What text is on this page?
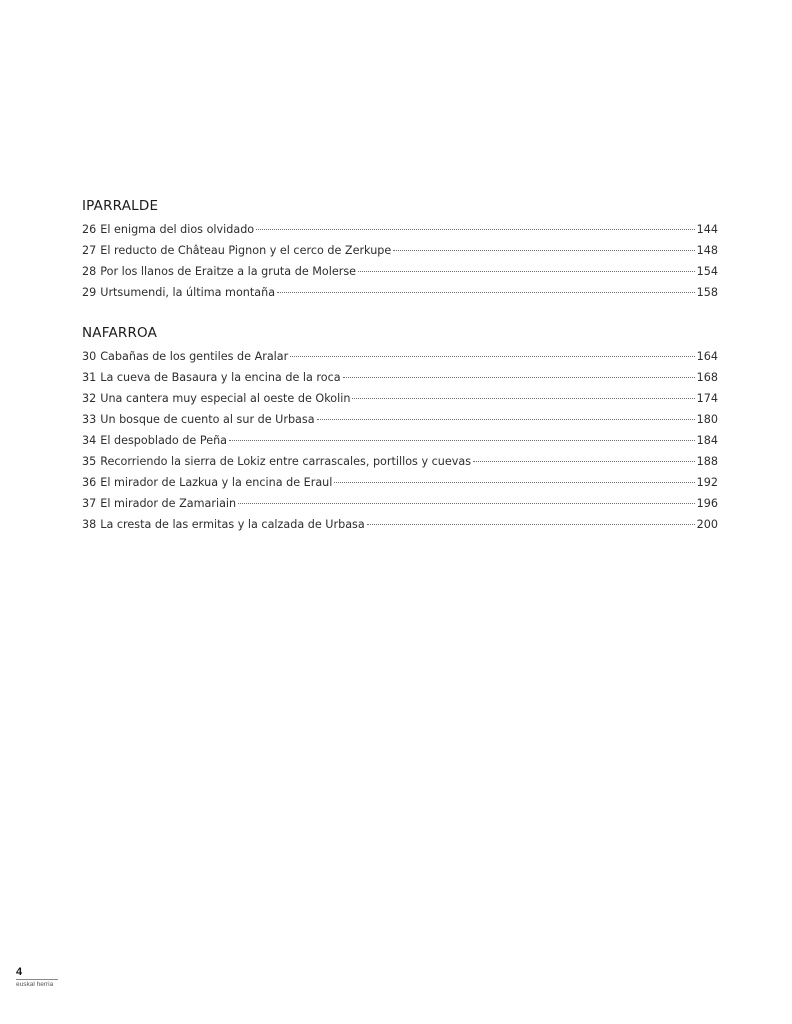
IPARRALDE
26 El enigma del dios olvidado	144
27 El reducto de Château Pignon y el cerco de Zerkupe	148
28 Por los llanos de Eraitze a la gruta de Molerse	154
29 Urtsumendi, la última montaña	158
NAFARROA
30 Cabañas de los gentiles de Aralar	164
31 La cueva de Basaura y la encina de la roca	168
32 Una cantera muy especial al oeste de Okolin	174
33 Un bosque de cuento al sur de Urbasa	180
34 El despoblado de Peña	184
35 Recorriendo la sierra de Lokiz entre carrascales, portillos y cuevas	188
36 El mirador de Lazkua y la encina de Eraul	192
37 El mirador de Zamariain	196
38 La cresta de las ermitas y la calzada de Urbasa	200
4
euskal herria
